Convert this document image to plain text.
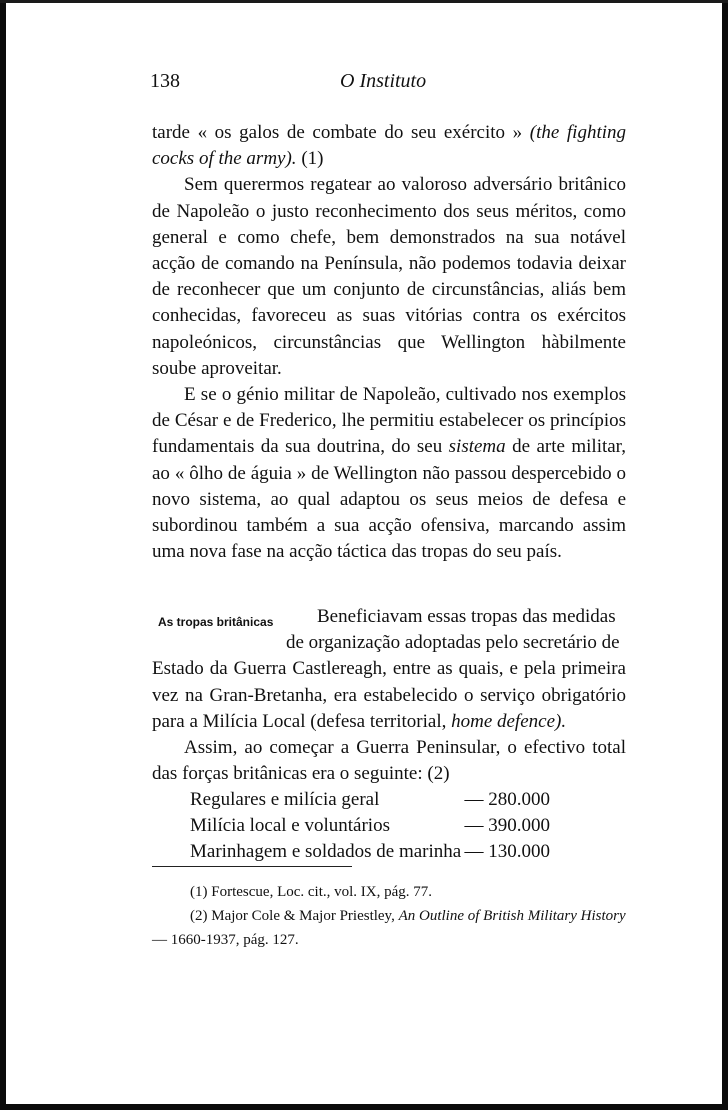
138	O Instituto

tarde « os galos de combate do seu exército » (the fighting cocks of the army). (1)

Sem querermos regatear ao valoroso adversário britânico de Napoleão o justo reconhecimento dos seus méritos, como general e como chefe, bem demonstrados na sua notável acção de comando na Península, não podemos todavia deixar de reconhecer que um conjunto de circunstâncias, aliás bem conhecidas, favoreceu as suas vitórias contra os exércitos napoleónicos, circunstâncias que Wellington hàbilmente soube aproveitar.

E se o génio militar de Napoleão, cultivado nos exemplos de César e de Frederico, lhe permitiu estabelecer os princípios fundamentais da sua doutrina, do seu sistema de arte militar, ao « ôlho de águia » de Wellington não passou despercebido o novo sistema, ao qual adaptou os seus meios de defesa e subordinou também a sua acção ofensiva, marcando assim uma nova fase na acção táctica das tropas do seu país.

As tropas britânicas	Beneficiavam essas tropas das medidas
de organização adoptadas pelo secretário de
Estado da Guerra Castlereagh, entre as quais, e pela primeira vez na Gran-Bretanha, era estabelecido o serviço obrigatório para a Milícia Local (defesa territorial, home defence).

Assim, ao começar a Guerra Peninsular, o efectivo total das forças britânicas era o seguinte: (2)

Regulares e milícia geral	— 280.000
Milícia local e voluntários	— 390.000
Marinhagem e soldados de marinha — 130.000

(1) Fortescue, Loc. cit., vol. IX, pág. 77.

(2) Major Cole & Major Priestley, An Outline of British Military History — 1660-1937, pág. 127.
